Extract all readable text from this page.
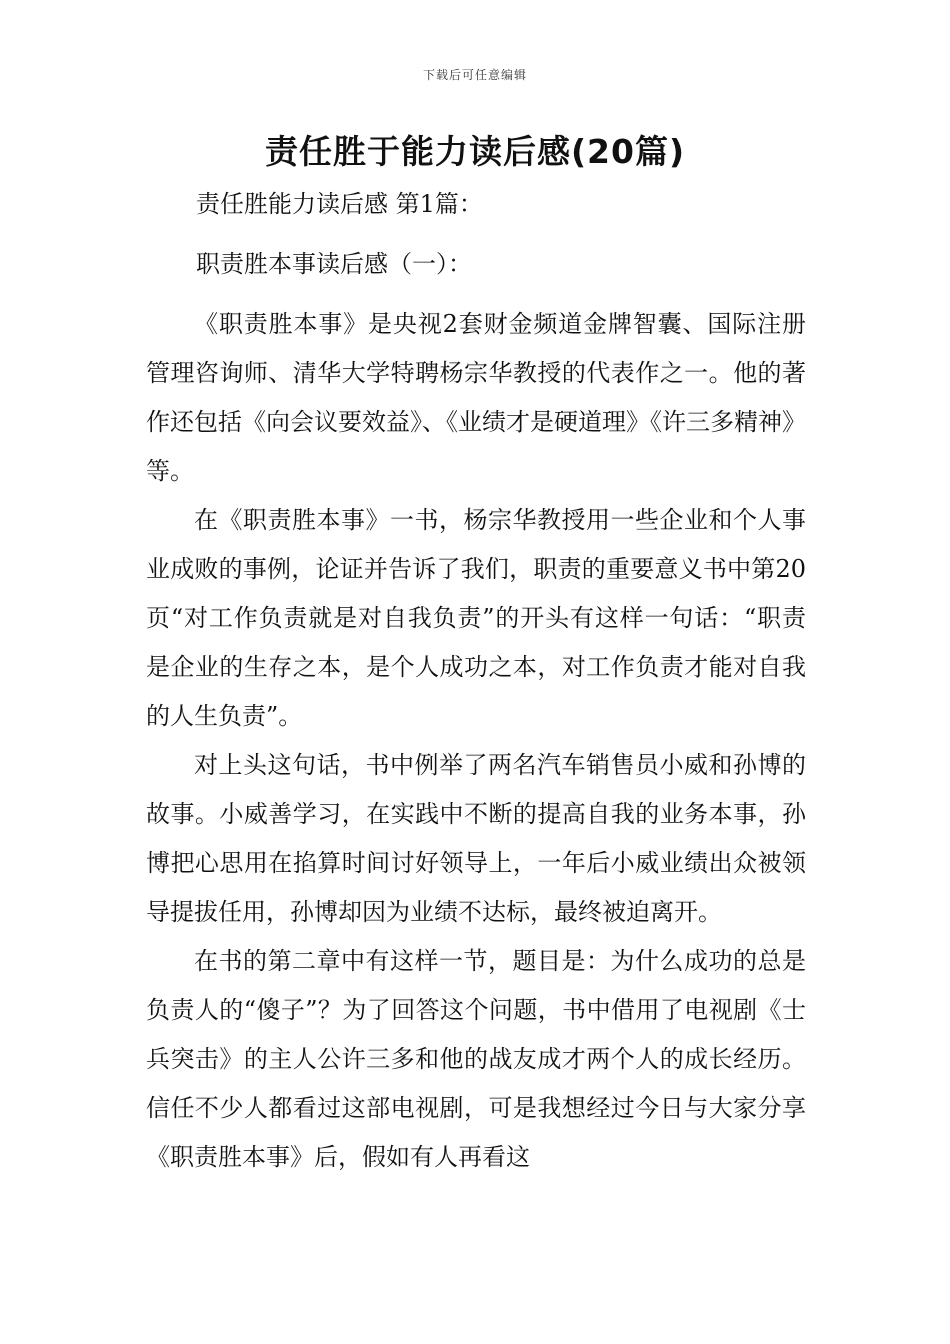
下载后可任意编辑
责任胜于能力读后感(20篇)

责任胜能力读后感 第1篇：

职责胜本事读后感（一）：

《职责胜本事》是央视2套财金频道金牌智囊、国际注册管理咨询师、清华大学特聘杨宗华教授的代表作之一。他的著作还包括《向会议要效益》、《业绩才是硬道理》《许三多精神》等。

在《职责胜本事》一书，杨宗华教授用一些企业和个人事业成败的事例，论证并告诉了我们，职责的重要意义书中第20页“对工作负责就是对自我负责”的开头有这样一句话：“职责是企业的生存之本，是个人成功之本，对工作负责才能对自我的人生负责”。

对上头这句话，书中例举了两名汽车销售员小威和孙博的故事。小威善学习，在实践中不断的提高自我的业务本事，孙博把心思用在掐算时间讨好领导上，一年后小威业绩出众被领导提拔任用，孙博却因为业绩不达标，最终被迫离开。

在书的第二章中有这样一节，题目是：为什么成功的总是负责人的“傻子”？为了回答这个问题，书中借用了电视剧《士兵突击》的主人公许三多和他的战友成才两个人的成长经历。信任不少人都看过这部电视剧，可是我想经过今日与大家分享《职责胜本事》后，假如有人再看这
